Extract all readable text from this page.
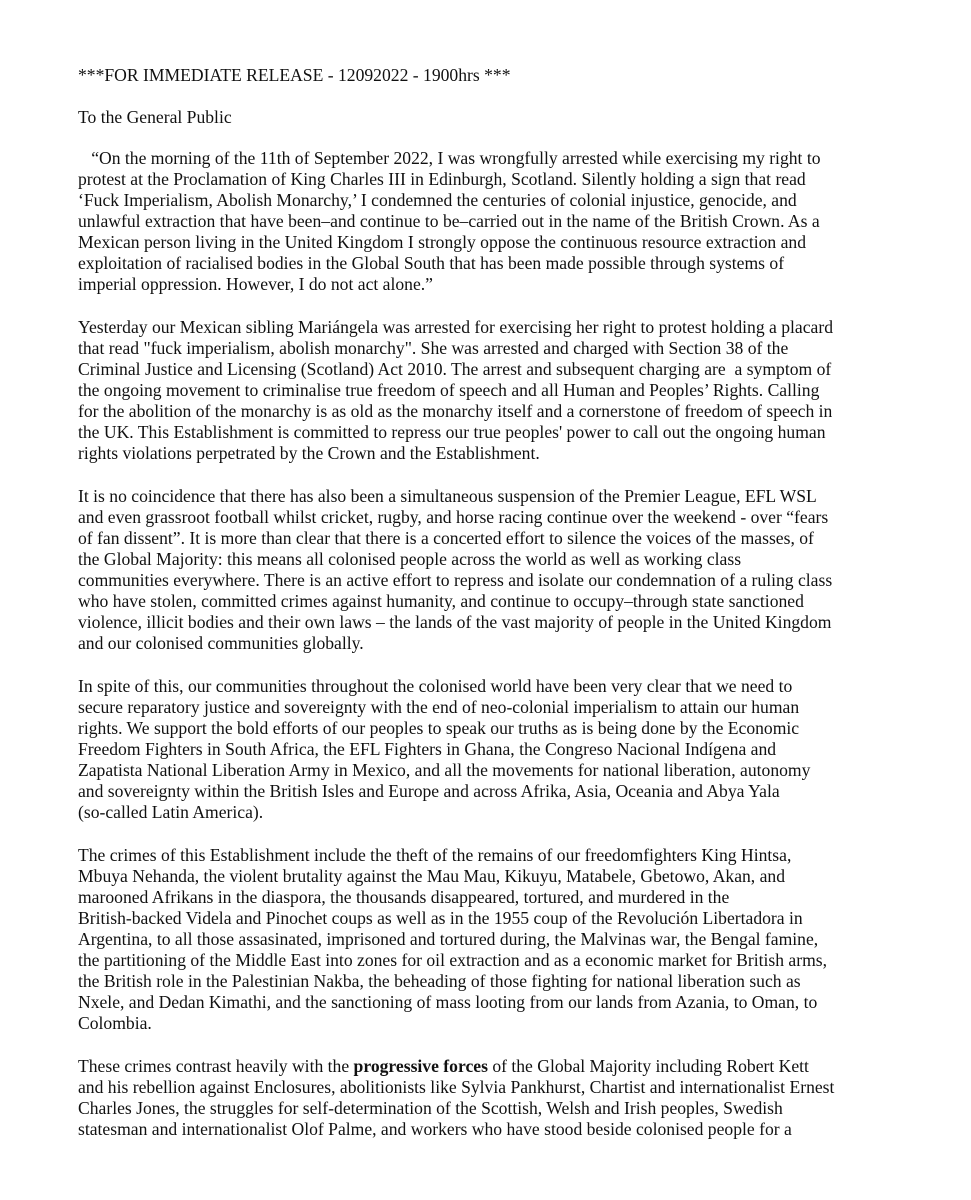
***FOR IMMEDIATE RELEASE - 12092022 - 1900hrs ***

To the General Public

“On the morning of the 11th of September 2022, I was wrongfully arrested while exercising my right to
protest at the Proclamation of King Charles III in Edinburgh, Scotland. Silently holding a sign that read
‘Fuck Imperialism, Abolish Monarchy,’ I condemned the centuries of colonial injustice, genocide, and
unlawful extraction that have been–and continue to be–carried out in the name of the British Crown. As a
Mexican person living in the United Kingdom I strongly oppose the continuous resource extraction and
exploitation of racialised bodies in the Global South that has been made possible through systems of
imperial oppression. However, I do not act alone.”

Yesterday our Mexican sibling Mariángela was arrested for exercising her right to protest holding a placard
that read "fuck imperialism, abolish monarchy". She was arrested and charged with Section 38 of the
Criminal Justice and Licensing (Scotland) Act 2010. The arrest and subsequent charging are  a symptom of
the ongoing movement to criminalise true freedom of speech and all Human and Peoples’ Rights. Calling
for the abolition of the monarchy is as old as the monarchy itself and a cornerstone of freedom of speech in
the UK. This Establishment is committed to repress our true peoples' power to call out the ongoing human
rights violations perpetrated by the Crown and the Establishment.

It is no coincidence that there has also been a simultaneous suspension of the Premier League, EFL WSL
and even grassroot football whilst cricket, rugby, and horse racing continue over the weekend - over “fears
of fan dissent”. It is more than clear that there is a concerted effort to silence the voices of the masses, of
the Global Majority: this means all colonised people across the world as well as working class
communities everywhere. There is an active effort to repress and isolate our condemnation of a ruling class
who have stolen, committed crimes against humanity, and continue to occupy–through state sanctioned
violence, illicit bodies and their own laws – the lands of the vast majority of people in the United Kingdom
and our colonised communities globally.

In spite of this, our communities throughout the colonised world have been very clear that we need to
secure reparatory justice and sovereignty with the end of neo-colonial imperialism to attain our human
rights. We support the bold efforts of our peoples to speak our truths as is being done by the Economic
Freedom Fighters in South Africa, the EFL Fighters in Ghana, the Congreso Nacional Indígena and
Zapatista National Liberation Army in Mexico, and all the movements for national liberation, autonomy
and sovereignty within the British Isles and Europe and across Afrika, Asia, Oceania and Abya Yala
(so-called Latin America).

The crimes of this Establishment include the theft of the remains of our freedomfighters King Hintsa,
Mbuya Nehanda, the violent brutality against the Mau Mau, Kikuyu, Matabele, Gbetowo, Akan, and
marooned Afrikans in the diaspora, the thousands disappeared, tortured, and murdered in the
British-backed Videla and Pinochet coups as well as in the 1955 coup of the Revolución Libertadora in
Argentina, to all those assasinated, imprisoned and tortured during, the Malvinas war, the Bengal famine,
the partitioning of the Middle East into zones for oil extraction and as a economic market for British arms,
the British role in the Palestinian Nakba, the beheading of those fighting for national liberation such as
Nxele, and Dedan Kimathi, and the sanctioning of mass looting from our lands from Azania, to Oman, to
Colombia.

These crimes contrast heavily with the progressive forces of the Global Majority including Robert Kett
and his rebellion against Enclosures, abolitionists like Sylvia Pankhurst, Chartist and internationalist Ernest
Charles Jones, the struggles for self-determination of the Scottish, Welsh and Irish peoples, Swedish
statesman and internationalist Olof Palme, and workers who have stood beside colonised people for a
